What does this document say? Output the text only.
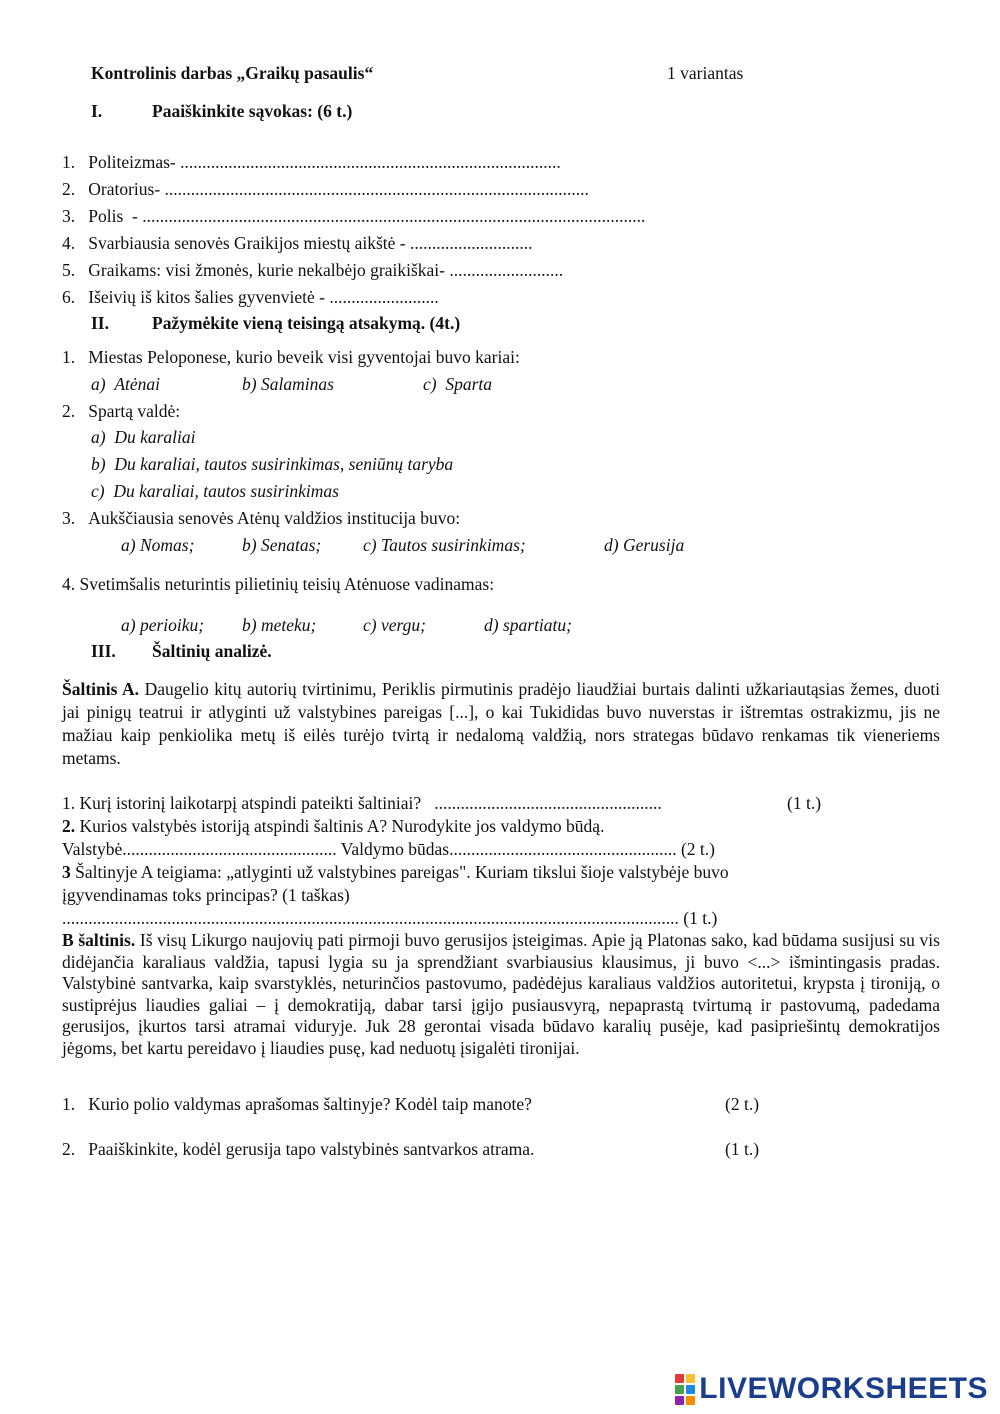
Kontrolinis darbas „Graikų pasaulis“	1 variantas
I.	Paaiškinkite sąvokas: (6 t.)
1.   Politeizmas- .......................................................................................
2.   Oratorius- .................................................................................................
3.   Polis  - ...................................................................................................................
4.   Svarbiausia senovės Graikijos miestų aikštė - ............................
5.   Graikams: visi žmonės, kurie nekalbėjo graikiškai- ..........................
6.   Išeivių iš kitos šalies gyvenvietė - .........................
II. Pažymėkite vieną teisingą atsakymą. (4t.)
1.   Miestas Peloponese, kurio beveik visi gyventojai buvo kariai:
a)  Atėnai	b) Salaminas	c)  Sparta
2.   Spartą valdė:
a)  Du karaliai
b)  Du karaliai, tautos susirinkimas, seniūnų taryba
c)  Du karaliai, tautos susirinkimas
3.   Aukščiausia senovės Atėnų valdžios institucija buvo:
a) Nomas;	b) Senatas; c) Tautos susirinkimas;	d) Gerusija
4. Svetimšalis neturintis pilietinių teisių Atėnuose vadinamas:
a) perioiku; b) meteku;	c) vergu;	d) spartiatu;
III. Šaltinių analizė.
Šaltinis A. Daugelio kitų autorių tvirtinimu, Periklis pirmutinis pradėjo liaudžiai burtais dalinti užkariautąsias žemes, duoti jai pinigų teatrui ir atlyginti už valstybines pareigas [...], o kai Tukididas buvo nuverstas ir ištremtas ostrakizmu, jis ne mažiau kaip penkiolika metų iš eilės turėjo tvirtą ir nedalomą valdžią, nors strategas būdavo renkamas tik vieneriems metams.
1. Kurį istorinį laikotarpį atspindi pateikti šaltiniai?   ....................................................	(1 t.)
2. Kurios valstybės istoriją atspindi šaltinis A? Nurodykite jos valdymo būdą.
Valstybė................................................. Valdymo būdas.................................................... (2 t.)
3 Šaltinyje A teigiama: „atlyginti už valstybines pareigas". Kuriam tikslui šioje valstybėje buvo
įgyvendinamas toks principas? (1 taškas)
............................................................................................................................................. (1 t.)
B šaltinis. Iš visų Likurgo naujovių pati pirmoji buvo gerusijos įsteigimas. Apie ją Platonas sako, kad būdama susijusi su vis didėjančia karaliaus valdžia, tapusi lygia su ja sprendžiant svarbiausius klausimus, ji buvo <...> išmintingasis pradas. Valstybinė santvarka, kaip svarstyklės, neturinčios pastovumo, padėdėjus karaliaus valdžios autoritetui, krypsta į tironiją, o sustiprėjus liaudies galiai – į demokratiją, dabar tarsi įgijo pusiausvyrą, nepaprastą tvirtumą ir pastovumą, padedama gerusijos, įkurtos tarsi atramai viduryje. Juk 28 gerontai visada būdavo karalių pusėje, kad pasipriešintų demokratijos jėgoms, bet kartu pereidavo į liaudies pusę, kad neduotų įsigalėti tironijai.
1.   Kurio polio valdymas aprašomas šaltinyje? Kodėl taip manote?	(2 t.)
2.   Paaiškinkite, kodėl gerusija tapo valstybinės santvarkos atrama.	(1 t.)
LIVEWORKSHEETS
